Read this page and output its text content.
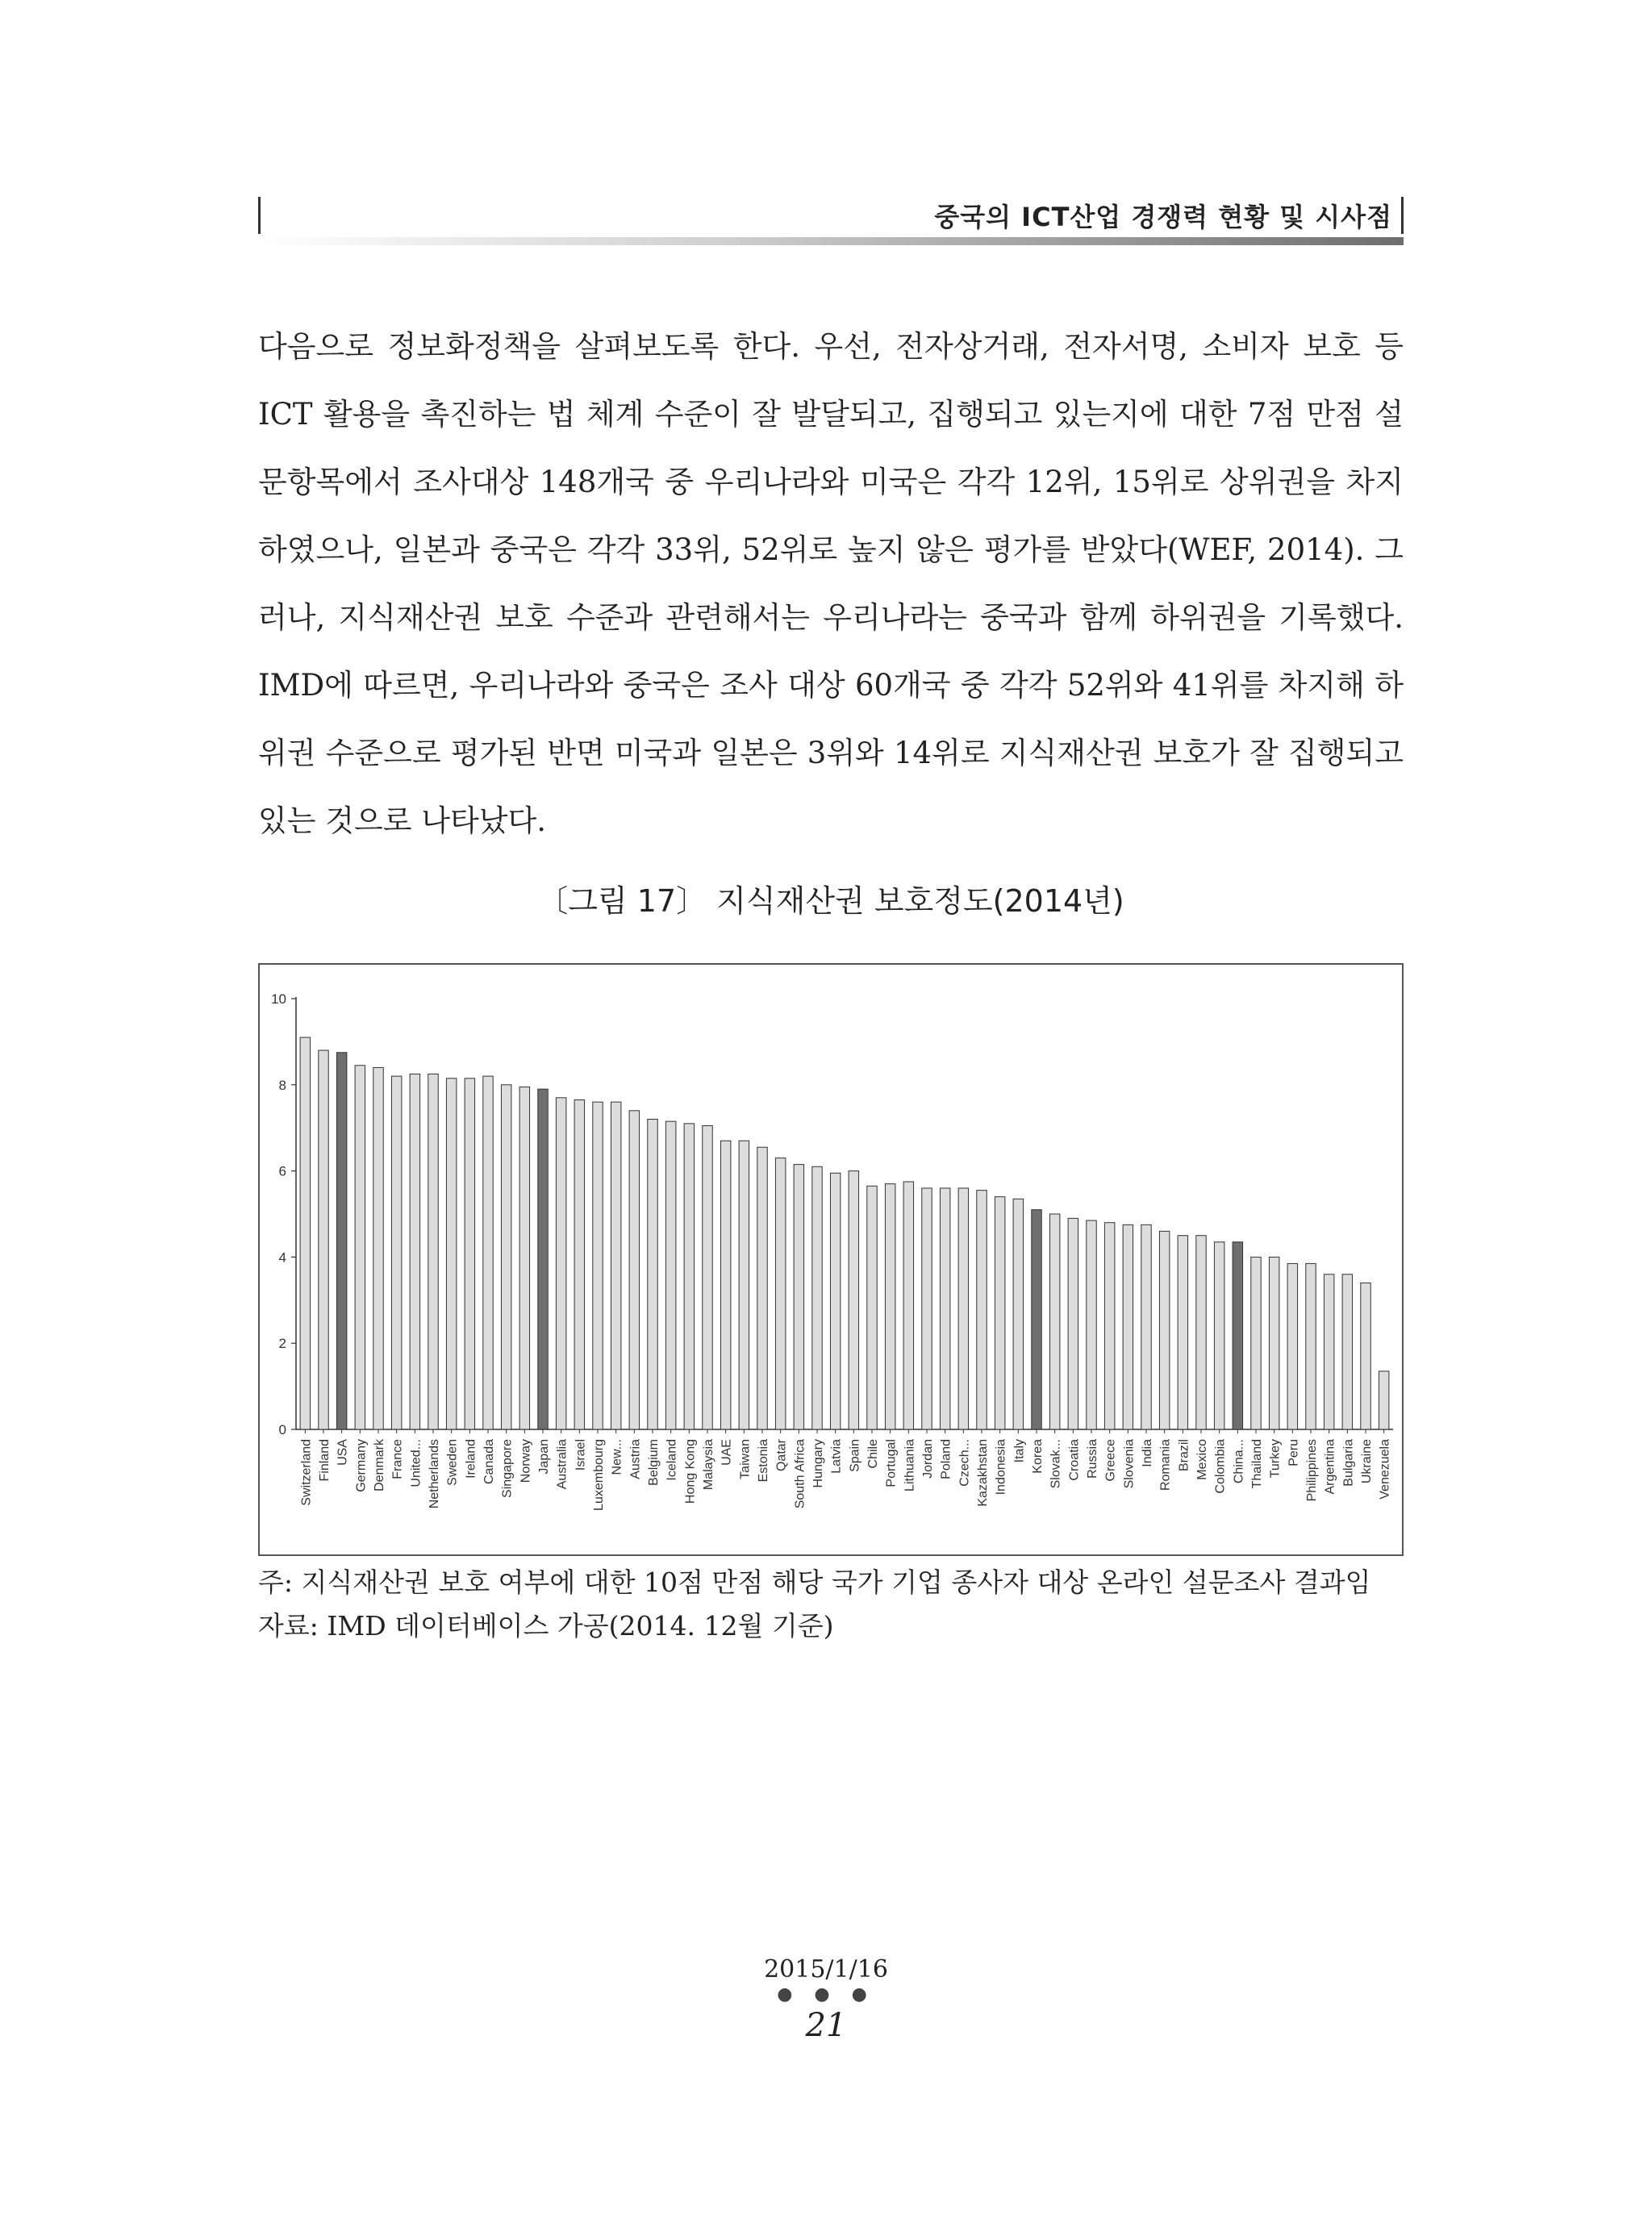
중국의 ICT산업 경쟁력 현황 및 시사점

다음으로 정보화정책을 살펴보도록 한다. 우선, 전자상거래, 전자서명, 소비자 보호 등 ICT 활용을 촉진하는 법 체계 수준이 잘 발달되고, 집행되고 있는지에 대한 7점 만점 설문항목에서 조사대상 148개국 중 우리나라와 미국은 각각 12위, 15위로 상위권을 차지하였으나, 일본과 중국은 각각 33위, 52위로 높지 않은 평가를 받았다(WEF, 2014). 그러나, 지식재산권 보호 수준과 관련해서는 우리나라는 중국과 함께 하위권을 기록했다. IMD에 따르면, 우리나라와 중국은 조사 대상 60개국 중 각각 52위와 41위를 차지해 하위권 수준으로 평가된 반면 미국과 일본은 3위와 14위로 지식재산권 보호가 잘 집행되고 있는 것으로 나타났다.

〔그림 17〕 지식재산권 보호정도(2014년)
0
2
4
6
8
10
Switzerland Finland USA Germany Denmark France United... Netherlands Sweden Ireland Canada Singapore Norway Japan Australia Israel Luxembourg New... Austria Belgium Iceland Hong Kong Malaysia UAE Taiwan Estonia Qatar South Africa Hungary Latvia Spain Chile Portugal Lithuania Jordan Poland Czech... Kazakhstan Indonesia Italy Korea Slovak... Croatia Russia Greece Slovenia India Romania Brazil Mexico Colombia China... Thailand Turkey Peru Philippines Argentina Bulgaria Ukraine Venezuela
주: 지식재산권 보호 여부에 대한 10점 만점 해당 국가 기업 종사자 대상 온라인 설문조사 결과임
자료: IMD 데이터베이스 가공(2014. 12월 기준)
2015/1/16
● ● ●
21
